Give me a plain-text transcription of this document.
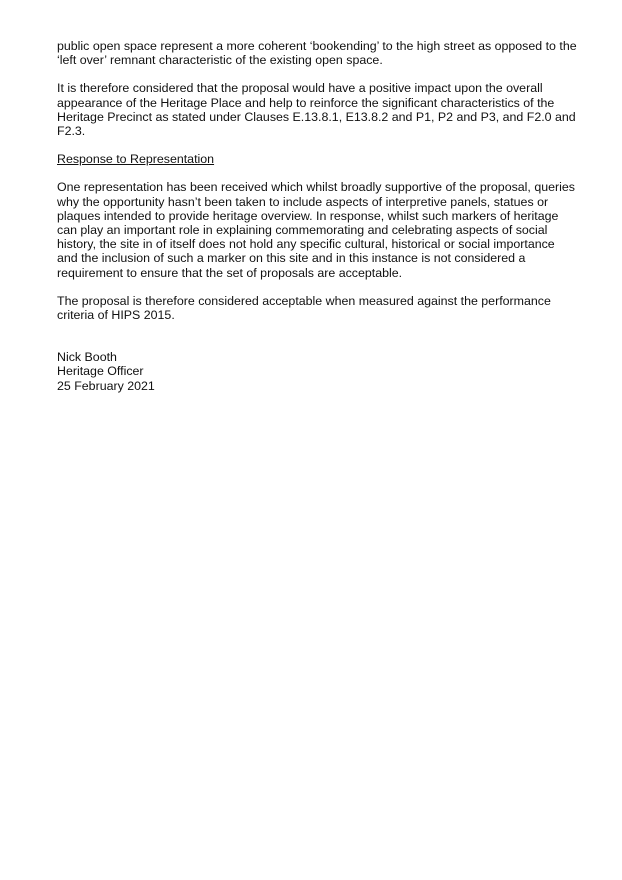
public open space represent a more coherent ‘bookending’ to the high street as opposed to the ‘left over’ remnant characteristic of the existing open space.

It is therefore considered that the proposal would have a positive impact upon the overall appearance of the Heritage Place and help to reinforce the significant characteristics of the Heritage Precinct as stated under Clauses E.13.8.1, E13.8.2 and P1, P2 and P3, and F2.0 and F2.3.

Response to Representation

One representation has been received which whilst broadly supportive of the proposal, queries why the opportunity hasn’t been taken to include aspects of interpretive panels, statues or plaques intended to provide heritage overview. In response, whilst such markers of heritage can play an important role in explaining commemorating and celebrating aspects of social history, the site in of itself does not hold any specific cultural, historical or social importance and the inclusion of such a marker on this site and in this instance is not considered a requirement to ensure that the set of proposals are acceptable.

The proposal is therefore considered acceptable when measured against the performance criteria of HIPS 2015.

Nick Booth
Heritage Officer
25 February 2021
